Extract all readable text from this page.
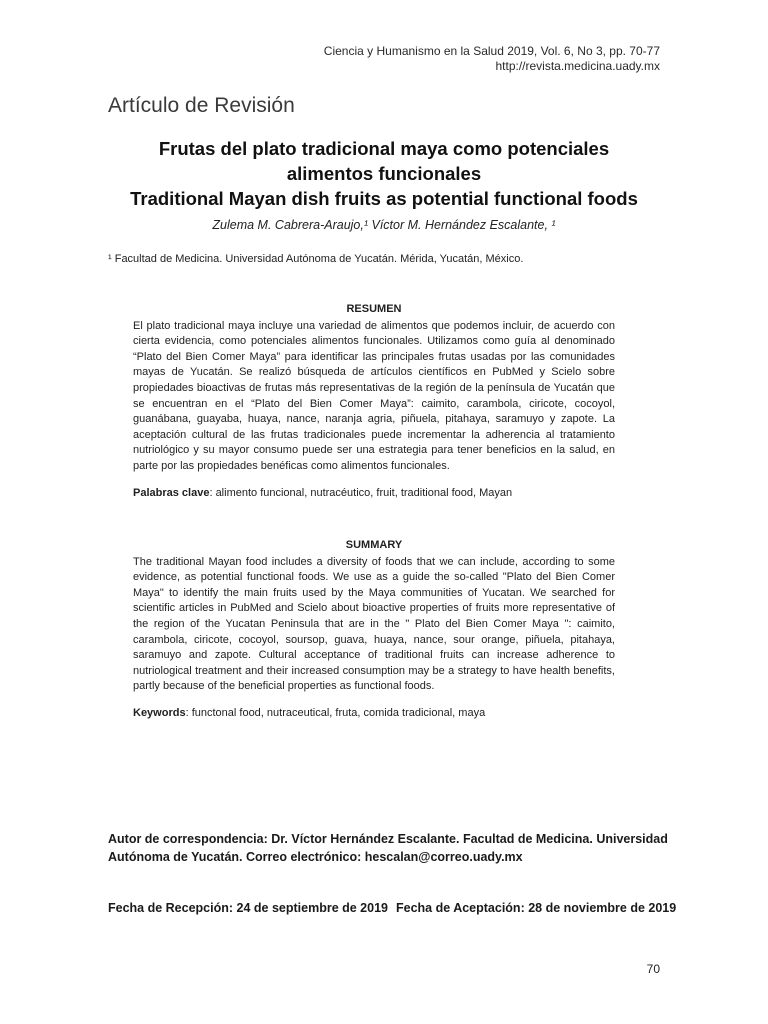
Ciencia y Humanismo en la Salud 2019, Vol. 6, No 3, pp. 70-77
http://revista.medicina.uady.mx
Artículo de Revisión
Frutas del plato tradicional maya como potenciales
alimentos funcionales
Traditional Mayan dish fruits as potential functional foods
Zulema M. Cabrera-Araujo,¹ Víctor M. Hernández Escalante, ¹
¹ Facultad de Medicina. Universidad Autónoma de Yucatán. Mérida, Yucatán, México.
RESUMEN

El plato tradicional maya incluye una variedad de alimentos que podemos incluir, de acuerdo con cierta evidencia, como potenciales alimentos funcionales. Utilizamos como guía al denominado “Plato del Bien Comer Maya” para identificar las principales frutas usadas por las comunidades mayas de Yucatán. Se realizó búsqueda de artículos científicos en PubMed y Scielo sobre propiedades bioactivas de frutas más representativas de la región de la península de Yucatán que se encuentran en el “Plato del Bien Comer Maya”: caimito, carambola, ciricote, cocoyol, guanábana, guayaba, huaya, nance, naranja agria, piñuela, pitahaya, saramuyo y zapote. La aceptación cultural de las frutas tradicionales puede incrementar la adherencia al tratamiento nutriológico y su mayor consumo puede ser una estrategia para tener beneficios en la salud, en parte por las propiedades benéficas como alimentos funcionales.

Palabras clave: alimento funcional, nutracéutico, fruit, traditional food, Mayan

SUMMARY

The traditional Mayan food includes a diversity of foods that we can include, according to some evidence, as potential functional foods. We use as a guide the so-called "Plato del Bien Comer Maya" to identify the main fruits used by the Maya communities of Yucatan. We searched for scientific articles in PubMed and Scielo about bioactive properties of fruits more representative of the region of the Yucatan Peninsula that are in the " Plato del Bien Comer Maya ": caimito, carambola, ciricote, cocoyol, soursop, guava, huaya, nance, sour orange, piñuela, pitahaya, saramuyo and zapote. Cultural acceptance of traditional fruits can increase adherence to nutriological treatment and their increased consumption may be a strategy to have health benefits, partly because of the beneficial properties as functional foods.

Keywords: functonal food, nutraceutical, fruta, comida tradicional, maya

Autor de correspondencia: Dr. Víctor Hernández Escalante. Facultad de Medicina. Universidad Autónoma de Yucatán. Correo electrónico: hescalan@correo.uady.mx
Fecha de Recepción: 24 de septiembre de 2019 Fecha de Aceptación: 28 de noviembre de 2019
70
